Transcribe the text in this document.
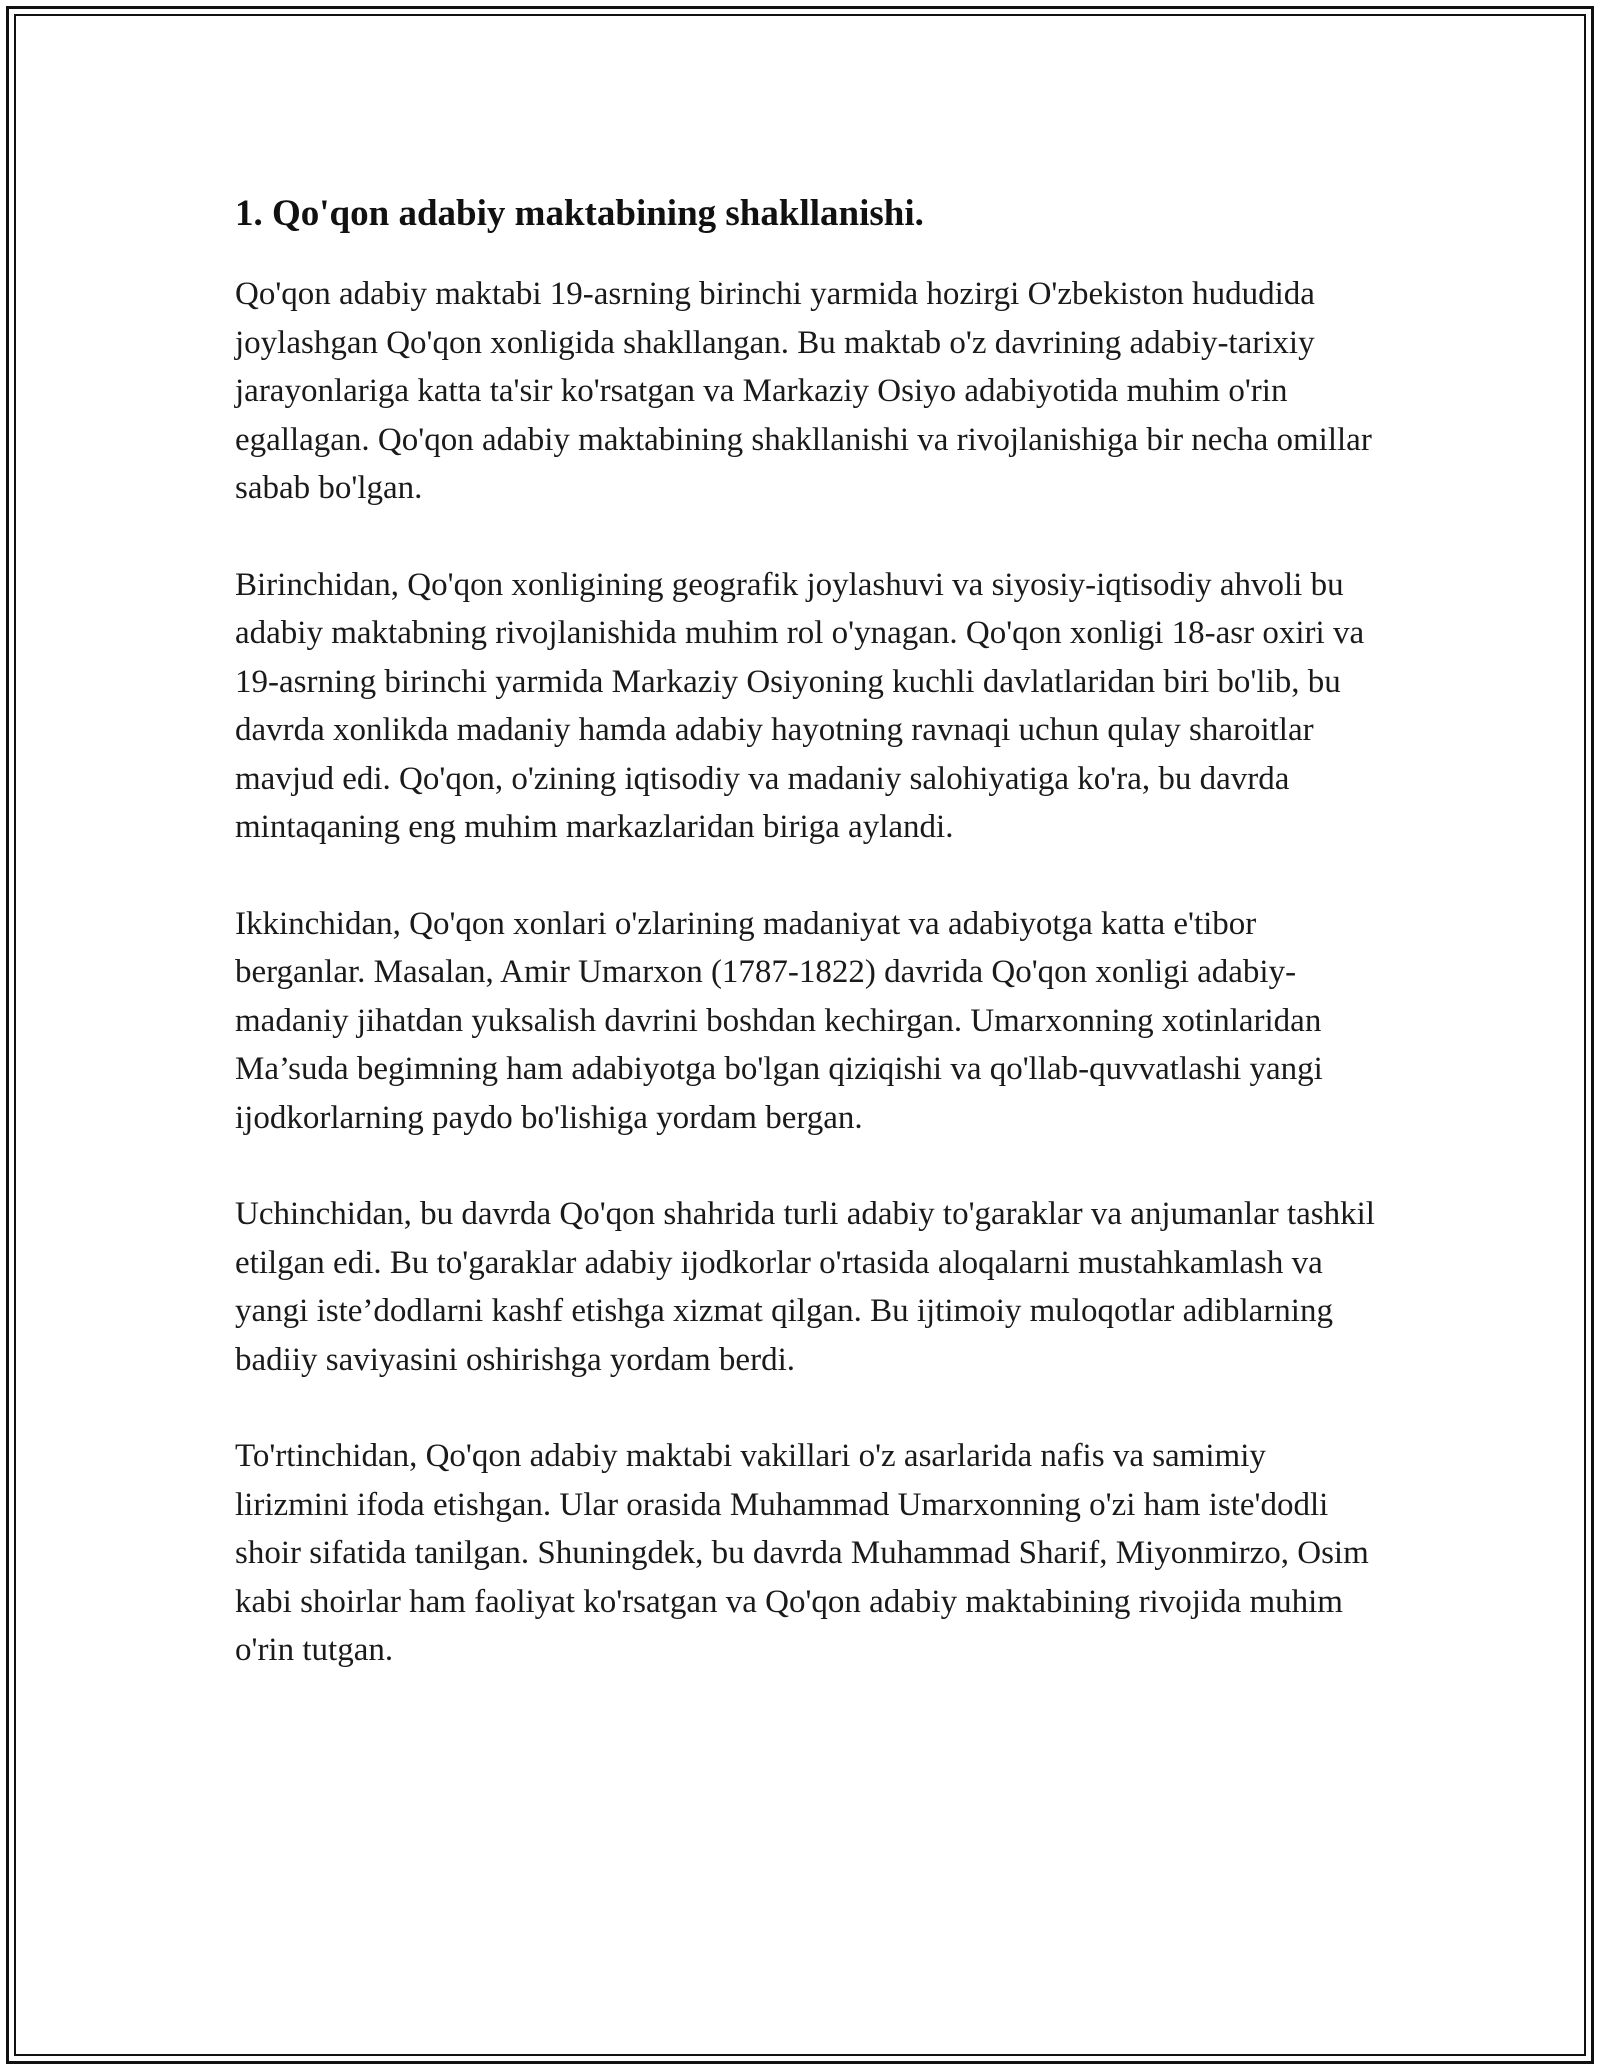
1. Qo'qon adabiy maktabining shakllanishi.

Qo'qon adabiy maktabi 19-asrning birinchi yarmida hozirgi O'zbekiston hududida joylashgan Qo'qon xonligida shakllangan. Bu maktab o'z davrining adabiy-tarixiy jarayonlariga katta ta'sir ko'rsatgan va Markaziy Osiyo adabiyotida muhim o'rin egallagan. Qo'qon adabiy maktabining shakllanishi va rivojlanishiga bir necha omillar sabab bo'lgan.

Birinchidan, Qo'qon xonligining geografik joylashuvi va siyosiy-iqtisodiy ahvoli bu adabiy maktabning rivojlanishida muhim rol o'ynagan. Qo'qon xonligi 18-asr oxiri va 19-asrning birinchi yarmida Markaziy Osiyoning kuchli davlatlaridan biri bo'lib, bu davrda xonlikda madaniy hamda adabiy hayotning ravnaqi uchun qulay sharoitlar mavjud edi. Qo'qon, o'zining iqtisodiy va madaniy salohiyatiga ko'ra, bu davrda mintaqaning eng muhim markazlaridan biriga aylandi.

Ikkinchidan, Qo'qon xonlari o'zlarining madaniyat va adabiyotga katta e'tibor berganlar. Masalan, Amir Umarxon (1787-1822) davrida Qo'qon xonligi adabiy-madaniy jihatdan yuksalish davrini boshdan kechirgan. Umarxonning xotinlaridan Ma’suda begimning ham adabiyotga bo'lgan qiziqishi va qo'llab-quvvatlashi yangi ijodkorlarning paydo bo'lishiga yordam bergan.

Uchinchidan, bu davrda Qo'qon shahrida turli adabiy to'garaklar va anjumanlar tashkil etilgan edi. Bu to'garaklar adabiy ijodkorlar o'rtasida aloqalarni mustahkamlash va yangi iste’dodlarni kashf etishga xizmat qilgan. Bu ijtimoiy muloqotlar adiblarning badiiy saviyasini oshirishga yordam berdi.

To'rtinchidan, Qo'qon adabiy maktabi vakillari o'z asarlarida nafis va samimiy lirizmini ifoda etishgan. Ular orasida Muhammad Umarxonning o'zi ham iste'dodli shoir sifatida tanilgan. Shuningdek, bu davrda Muhammad Sharif, Miyonmirzo, Osim kabi shoirlar ham faoliyat ko'rsatgan va Qo'qon adabiy maktabining rivojida muhim o'rin tutgan.
